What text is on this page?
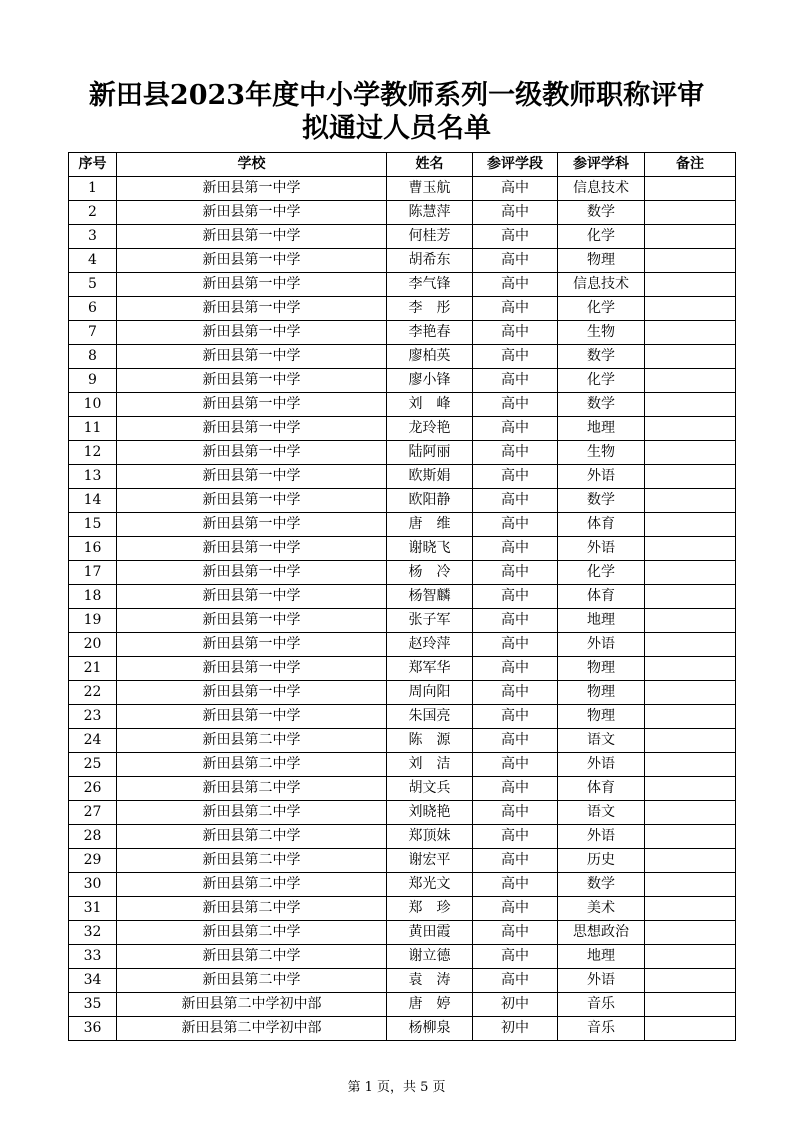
新田县2023年度中小学教师系列一级教师职称评审
拟通过人员名单
序号	学校	姓名	参评学段	参评学科	备注
1	新田县第一中学	曹玉航	高中	信息技术	
2	新田县第一中学	陈慧萍	高中	数学	
3	新田县第一中学	何桂芳	高中	化学	
4	新田县第一中学	胡希东	高中	物理	
5	新田县第一中学	李气锋	高中	信息技术	
6	新田县第一中学	李　彤	高中	化学	
7	新田县第一中学	李艳春	高中	生物	
8	新田县第一中学	廖柏英	高中	数学	
9	新田县第一中学	廖小锋	高中	化学	
10	新田县第一中学	刘　峰	高中	数学	
11	新田县第一中学	龙玲艳	高中	地理	
12	新田县第一中学	陆阿丽	高中	生物	
13	新田县第一中学	欧斯娟	高中	外语	
14	新田县第一中学	欧阳静	高中	数学	
15	新田县第一中学	唐　维	高中	体育	
16	新田县第一中学	谢晓飞	高中	外语	
17	新田县第一中学	杨　冷	高中	化学	
18	新田县第一中学	杨智麟	高中	体育	
19	新田县第一中学	张子军	高中	地理	
20	新田县第一中学	赵玲萍	高中	外语	
21	新田县第一中学	郑军华	高中	物理	
22	新田县第一中学	周向阳	高中	物理	
23	新田县第一中学	朱国亮	高中	物理	
24	新田县第二中学	陈　源	高中	语文	
25	新田县第二中学	刘　洁	高中	外语	
26	新田县第二中学	胡文兵	高中	体育	
27	新田县第二中学	刘晓艳	高中	语文	
28	新田县第二中学	郑顶妹	高中	外语	
29	新田县第二中学	谢宏平	高中	历史	
30	新田县第二中学	郑光文	高中	数学	
31	新田县第二中学	郑　珍	高中	美术	
32	新田县第二中学	黄田霞	高中	思想政治	
33	新田县第二中学	谢立德	高中	地理	
34	新田县第二中学	袁　涛	高中	外语	
35	新田县第二中学初中部	唐　婷	初中	音乐	
36	新田县第二中学初中部	杨柳泉	初中	音乐	
第 1 页，共 5 页
